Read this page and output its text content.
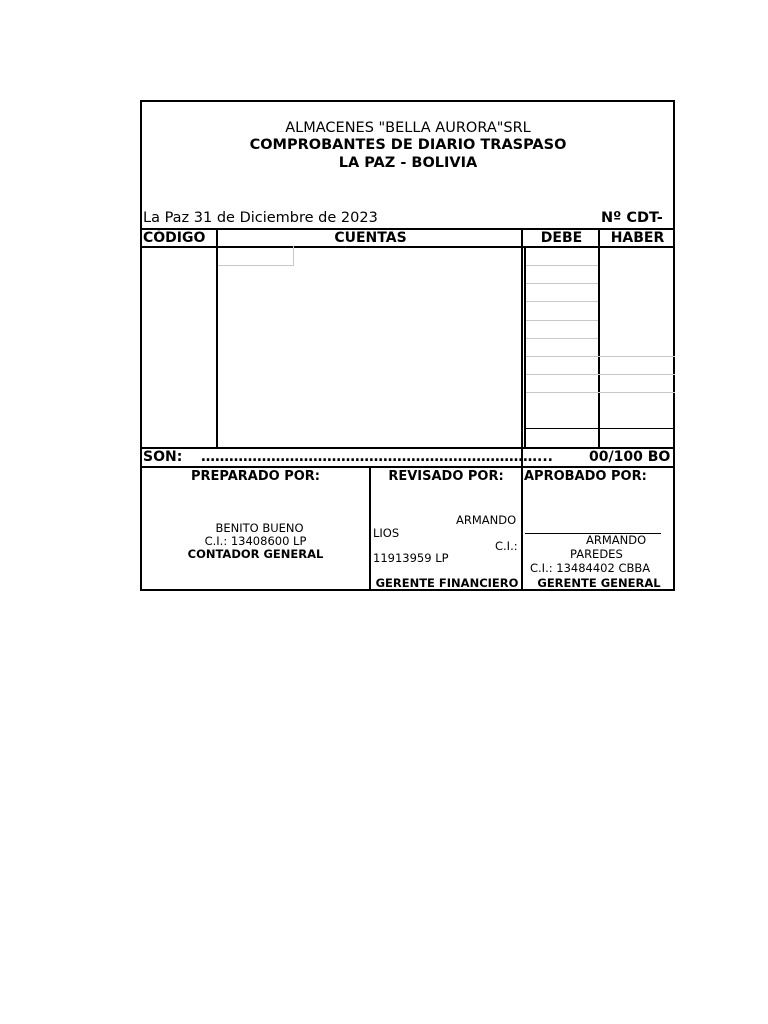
ALMACENES "BELLA AURORA"SRL
COMPROBANTES DE DIARIO TRASPASO
LA PAZ - BOLIVIA
La Paz 31 de Diciembre de 2023	Nº CDT-
CÓDIGO	CUENTAS	DEBE	HABER
SON: ………………………………………………………………...	00/100 BO
PREPARADO POR:
BENITO BUENO
C.I.: 13408600 LP
CONTADOR GENERAL
REVISADO POR:
ARMANDO
LIOS
C.I.:
11913959 LP
GERENTE FINANCIERO
APROBADO POR:
ARMANDO
PAREDES
C.I.: 13484402 CBBA
GERENTE GENERAL
